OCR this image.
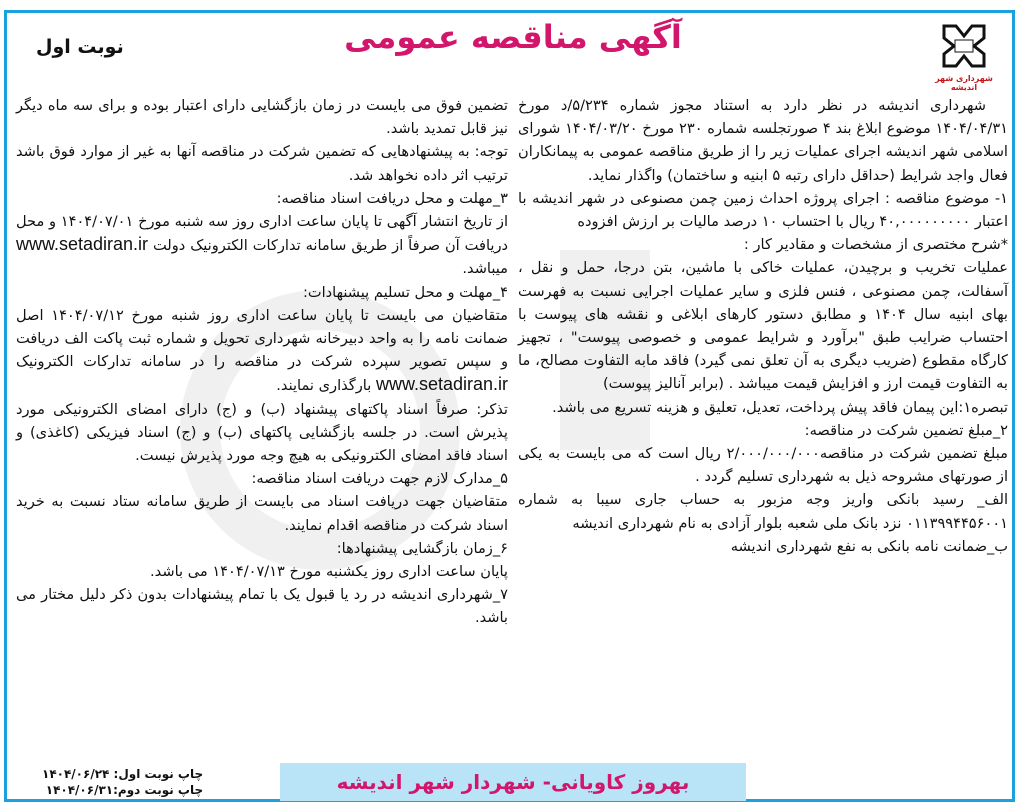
شهرداری شهر اندیشه
آگهی مناقصه عمومی
نوبت اول

شهرداری اندیشه در نظر دارد به استناد مجوز شماره ۵/۲۳۴/د مورخ ۱۴۰۴/۰۴/۳۱ موضوع ابلاغ بند ۴ صورتجلسه شماره ۲۳۰ مورخ ۱۴۰۴/۰۳/۲۰ شورای اسلامی شهر اندیشه اجرای عملیات زیر را از طریق مناقصه عمومی به پیمانکاران فعال واجد شرایط (حداقل دارای رتبه ۵ ابنیه و ساختمان) واگذار نماید.

۱- موضوع مناقصه : اجرای پروژه احداث زمین چمن مصنوعی در شهر اندیشه با اعتبار ۴۰,۰۰۰۰۰۰۰۰۰ ریال با احتساب ۱۰ درصد مالیات بر ارزش افزوده

*شرح مختصری از مشخصات و مقادیر کار :

عملیات تخریب و برچیدن، عملیات خاکی با ماشین، بتن درجا، حمل و نقل ، آسفالت، چمن مصنوعی ، فنس فلزی و سایر عملیات اجرایی نسبت به فهرست بهای ابنیه سال ۱۴۰۴ و مطابق دستور کارهای ابلاغی و نقشه های پیوست با احتساب ضرایب طبق "برآورد و شرایط عمومی و خصوصی پیوست" ، تجهیز کارگاه مقطوع (ضریب دیگری به آن تعلق نمی گیرد) فاقد مابه التفاوت مصالح، ما به التفاوت قیمت ارز و افزایش قیمت میباشد . (برابر آنالیز پیوست)

تبصره۱:این پیمان فاقد پیش پرداخت، تعدیل، تعلیق و هزینه تسریع می باشد.

۲_مبلغ تضمین شرکت در مناقصه:

مبلغ تضمین شرکت در مناقصه۲/۰۰۰/۰۰۰/۰۰۰ ریال است که می بایست به یکی از صورتهای مشروحه ذیل به شهرداری تسلیم گردد .

الف_ رسید بانکی واریز وجه مزبور به حساب جاری سیبا به شماره ۰۱۱۳۹۹۴۴۵۶۰۰۱ نزد بانک ملی شعبه بلوار آزادی به نام شهرداری اندیشه

ب_ضمانت نامه بانکی به نفع شهرداری اندیشه

تضمین فوق می بایست در زمان بازگشایی دارای اعتبار بوده و برای سه ماه دیگر نیز قابل تمدید باشد.

توجه: به پیشنهادهایی که تضمین شرکت در مناقصه آنها به غیر از موارد فوق باشد ترتیب اثر داده نخواهد شد.

۳_مهلت و محل دریافت اسناد مناقصه:

از تاریخ انتشار آگهی تا پایان ساعت اداری روز سه شنبه مورخ ۱۴۰۴/۰۷/۰۱ و محل دریافت آن صرفاً از طریق سامانه تدارکات الکترونیک دولت www.setadiran.ir میباشد.

۴_مهلت و محل تسلیم پیشنهادات:

متقاضیان می بایست تا پایان ساعت اداری روز شنبه مورخ ۱۴۰۴/۰۷/۱۲ اصل ضمانت نامه را به واحد دبیرخانه شهرداری تحویل و شماره ثبت پاکت الف دریافت و سپس تصویر سپرده شرکت در مناقصه را در سامانه تدارکات الکترونیک www.setadiran.ir بارگذاری نمایند.

تذکر: صرفاً اسناد پاکتهای پیشنهاد (ب) و (ج) دارای امضای الکترونیکی مورد پذیرش است. در جلسه بازگشایی پاکتهای (ب) و (ج) اسناد فیزیکی (کاغذی) و اسناد فاقد امضای الکترونیکی به هیچ وجه مورد پذیرش نیست.

۵_مدارک لازم جهت دریافت اسناد مناقصه:

متقاضیان جهت دریافت اسناد می بایست از طریق سامانه ستاد نسبت به خرید اسناد شرکت در مناقصه اقدام نمایند.

۶_زمان بازگشایی پیشنهادها:

پایان ساعت اداری روز یکشنبه مورخ ۱۴۰۴/۰۷/۱۳ می باشد.

۷_شهرداری اندیشه در رد یا قبول یک با تمام پیشنهادات بدون ذکر دلیل مختار می باشد.

چاپ نوبت اول: ۱۴۰۴/۰۶/۲۴
چاپ نوبت دوم:۱۴۰۴/۰۶/۳۱	بهروز کاویانی- شهردار شهر اندیشه
